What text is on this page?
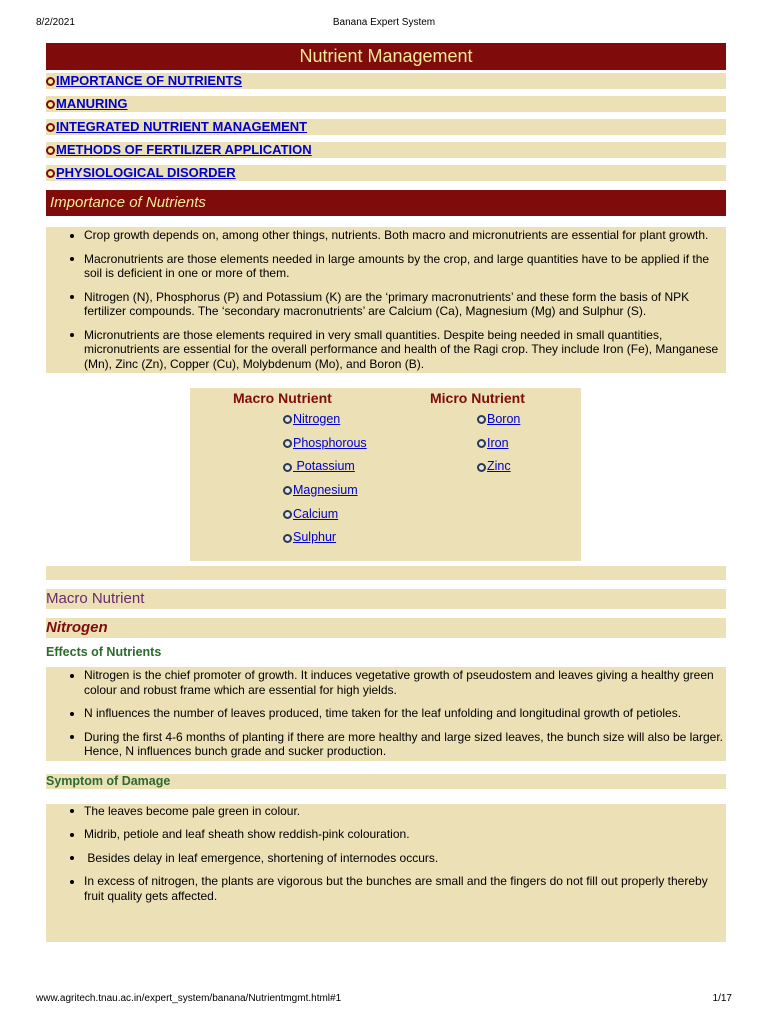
8/2/2021	Banana Expert System
Nutrient Management
IMPORTANCE OF NUTRIENTS
MANURING
INTEGRATED NUTRIENT MANAGEMENT
METHODS OF FERTILIZER APPLICATION
PHYSIOLOGICAL DISORDER
Importance of Nutrients
Crop growth depends on, among other things, nutrients. Both macro and micronutrients are essential for plant growth.
Macronutrients are those elements needed in large amounts by the crop, and large quantities have to be applied if the soil is deficient in one or more of them.
Nitrogen (N), Phosphorus (P) and Potassium (K) are the ‘primary macronutrients’ and these form the basis of NPK fertilizer compounds. The ‘secondary macronutrients’ are Calcium (Ca), Magnesium (Mg) and Sulphur (S).
Micronutrients are those elements required in very small quantities. Despite being needed in small quantities, micronutrients are essential for the overall performance and health of the Ragi crop. They include Iron (Fe), Manganese (Mn), Zinc (Zn), Copper (Cu), Molybdenum (Mo), and Boron (B).
Macro Nutrient
Nitrogen
Phosphorous
Potassium
Magnesium
Calcium
Sulphur
Micro Nutrient
Boron
Iron
Zinc
Macro Nutrient
Nitrogen
Effects of Nutrients
Nitrogen is the chief promoter of growth. It induces vegetative growth of pseudostem and leaves giving a healthy green colour and robust frame which are essential for high yields.
N influences the number of leaves produced, time taken for the leaf unfolding and longitudinal growth of petioles.
During the first 4-6 months of planting if there are more healthy and large sized leaves, the bunch size will also be larger. Hence, N influences bunch grade and sucker production.
Symptom of Damage
The leaves become pale green in colour.
Midrib, petiole and leaf sheath show reddish-pink colouration.
Besides delay in leaf emergence, shortening of internodes occurs.
In excess of nitrogen, the plants are vigorous but the bunches are small and the fingers do not fill out properly thereby fruit quality gets affected.
www.agritech.tnau.ac.in/expert_system/banana/Nutrientmgmt.html#1	1/17
